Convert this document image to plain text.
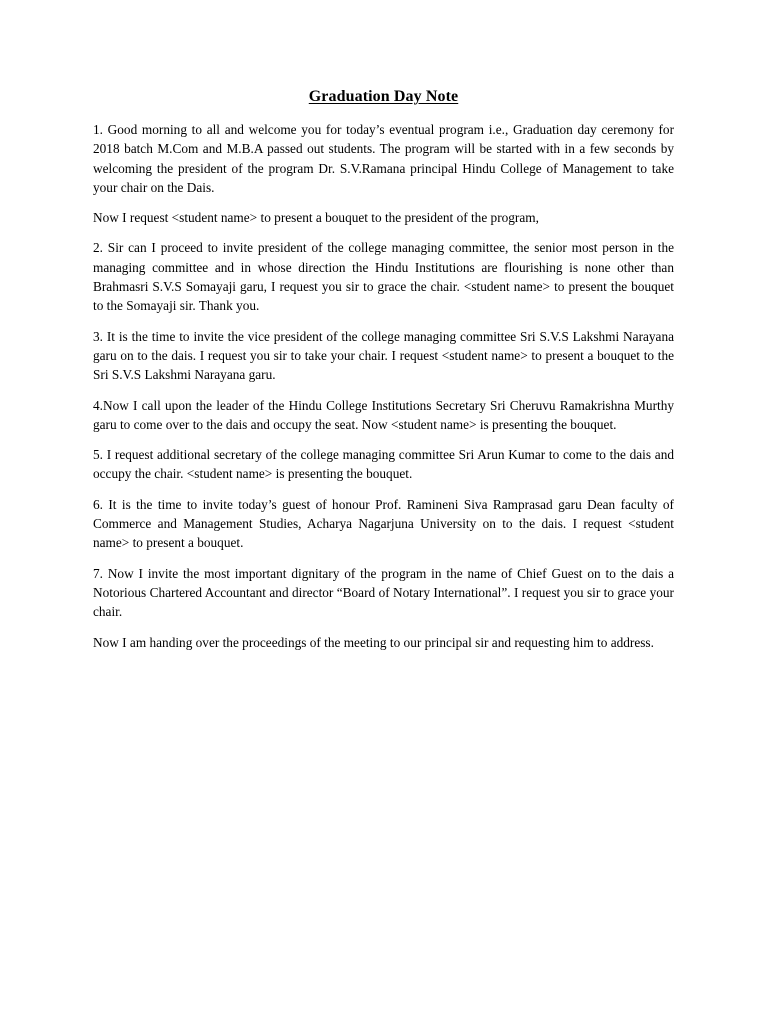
Graduation Day Note

1. Good morning to all and welcome you for today’s eventual program i.e., Graduation day ceremony for 2018 batch M.Com and M.B.A passed out students. The program will be started with in a few seconds by welcoming the president of the program Dr. S.V.Ramana principal Hindu College of Management to take your chair on the Dais.

Now I request <student name> to present a bouquet to the president of the program,

2. Sir can I proceed to invite president of the college managing committee, the senior most person in the managing committee and in whose direction the Hindu Institutions are flourishing is none other than Brahmasri S.V.S Somayaji garu, I request you sir to grace the chair. <student name> to present the bouquet to the Somayaji sir. Thank you.

3. It is the time to invite the vice president of the college managing committee Sri S.V.S Lakshmi Narayana garu on to the dais. I request you sir to take your chair. I request <student name> to present a bouquet to the Sri S.V.S Lakshmi Narayana garu.

4.Now I call upon the leader of the Hindu College Institutions Secretary Sri Cheruvu Ramakrishna Murthy garu to come over to the dais and occupy the seat. Now <student name> is presenting the bouquet.

5. I request additional secretary of the college managing committee Sri Arun Kumar to come to the dais and occupy the chair. <student name> is presenting the bouquet.

6. It is the time to invite today’s guest of honour Prof. Ramineni Siva Ramprasad garu Dean faculty of Commerce and Management Studies, Acharya Nagarjuna University on to the dais. I request <student name> to present a bouquet.

7. Now I invite the most important dignitary of the program in the name of Chief Guest on to the dais a Notorious Chartered Accountant and director “Board of Notary International”. I request you sir to grace your chair.

Now I am handing over the proceedings of the meeting to our principal sir and requesting him to address.
